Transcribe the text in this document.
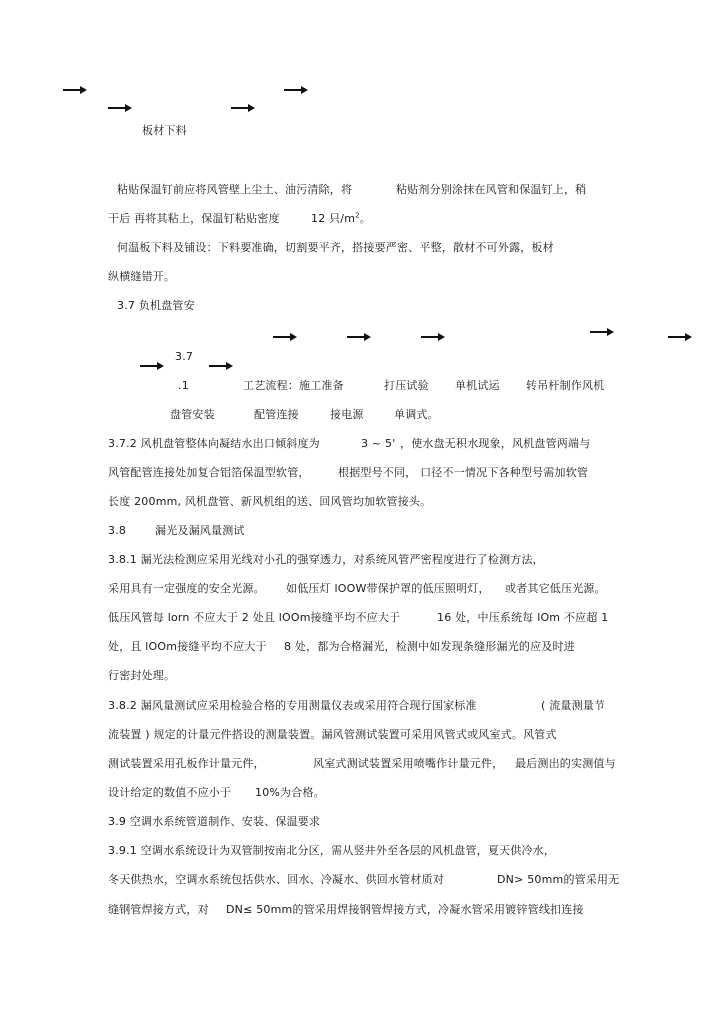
板材下料
粘贴保温钉前应将风管壁上尘土、油污清除，将	粘贴剂分别涂抹在风管和保温钉上，稍
干后 再将其粘上，保温钉粘贴密度	12 只$/m^2$。
何温板下料及铺设：下料要准确，切割要平齐，搭接要严密、平整，散材不可外露，板材
纵横缝错开。
3.7 负机盘管安
3.7
.1	工艺流程：施工准备	打压试验 单机试运 转吊杆制作风机
盘管安装	配管连接	接电源	单调式。
3.7.2 风机盘管整体向凝结水出口倾斜度为	3 ~ 5' ，使水盘无积水现象，风机盘管两端与
风管配管连接处加复合铝箔保温型软管，	根据型号不同， 口径不一情况下各种型号需加软管
长度 200mm, 风机盘管、新风机组的送、回风管均加软管接头。
3.8	漏光及漏风量测试
3.8.1 漏光法检测应采用光线对小孔的强穿透力，对系统风管严密程度进行了检测方法，
采用具有一定强度的安全光源。 如低压灯 lOOW带保护罩的低压照明灯， 或者其它低压光源。
低压风管每 lorn 不应大于 2 处且 lOOm接缝平均不应大于	16 处，中压系统每 lOm 不应超 1
处，且 lOOm接缝平均不应大于 8 处，都为合格漏光，检测中如发现条缝形漏光的应及时进
行密封处理。
3.8.2 漏风量测试应采用检验合格的专用测量仪表或采用符合现行国家标准	( 流量测量节
流装置 ) 规定的计量元件搭设的测量装置。漏风管测试装置可采用风管式或风室式。风管式
测试装置采用孔板作计量元件，	风室式测试装置采用喷嘴作计量元件， 最后测出的实测值与
设计给定的数值不应小于 10%为合格。
3.9 空调水系统管道制作、安装、保温要求
3.9.1 空调水系统设计为双管制按南北分区，需从竖井外至各层的风机盘管，夏天供冷水，
冬天供热水，空调水系统包括供水、回水、冷凝水、供回水管材质对	DN> 50mm的管采用无
缝钢管焊接方式，对 DN≤ 50mm的管采用焊接钢管焊接方式，冷凝水管采用镀锌管线扣连接
